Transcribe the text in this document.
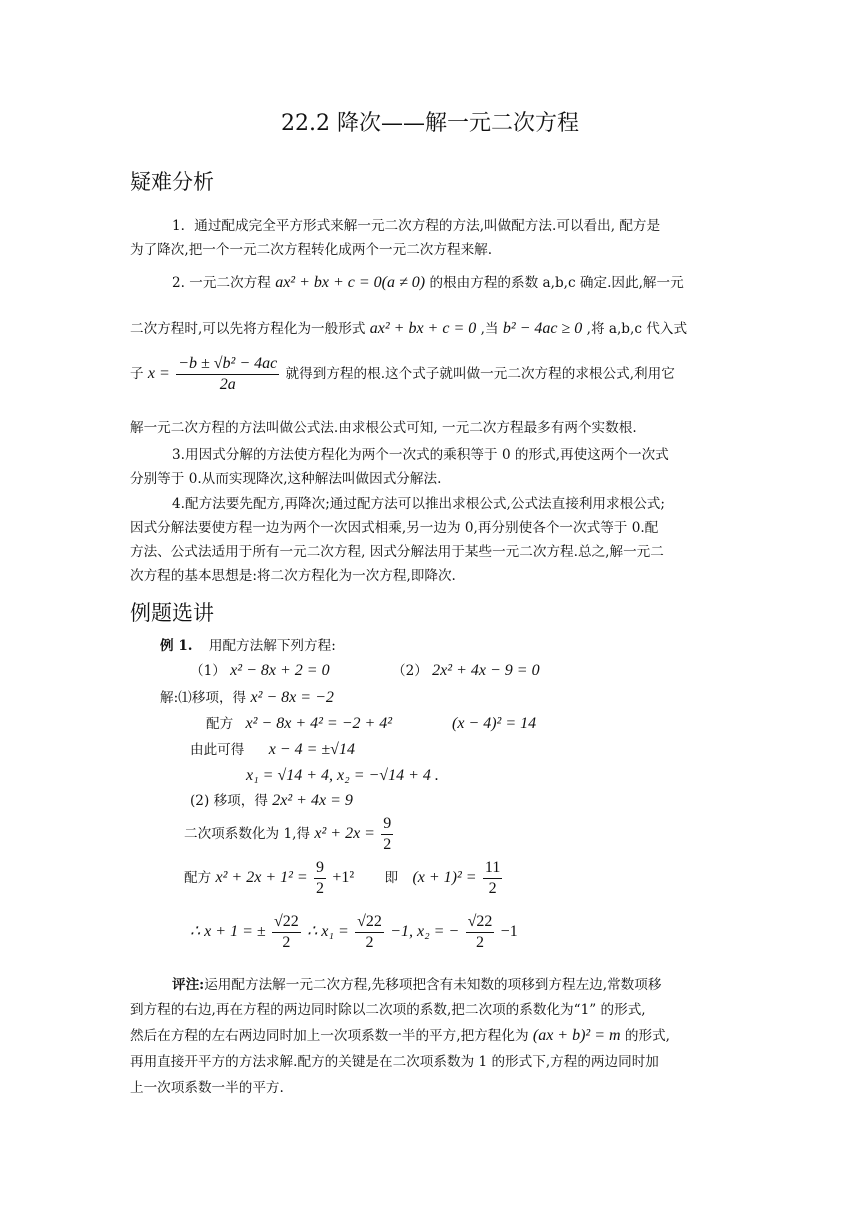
22.2 降次——解一元二次方程
疑难分析
1．通过配成完全平方形式来解一元二次方程的方法,叫做配方法.可以看出, 配方是
为了降次,把一个一元二次方程转化成两个一元二次方程来解.
2. 一元二次方程 ax² + bx + c = 0(a ≠ 0) 的根由方程的系数 a,b,c 确定.因此,解一元
二次方程时,可以先将方程化为一般形式 ax² + bx + c = 0 ,当 b² − 4ac ≥ 0 ,将 a,b,c 代入式
子 $x = \frac{\text{−b ± √b² − 4ac}}{2a}$ 就得到方程的根.这个式子就叫做一元二次方程的求根公式,利用它
解一元二次方程的方法叫做公式法.由求根公式可知, 一元二次方程最多有两个实数根.
3.用因式分解的方法使方程化为两个一次式的乘积等于 0 的形式,再使这两个一次式
分别等于 0.从而实现降次,这种解法叫做因式分解法.
4.配方法要先配方,再降次;通过配方法可以推出求根公式,公式法直接利用求根公式;
因式分解法要使方程一边为两个一次因式相乘,另一边为 0,再分别使各个一次式等于 0.配
方法、公式法适用于所有一元二次方程, 因式分解法用于某些一元二次方程.总之,解一元二
次方程的基本思想是:将二次方程化为一次方程,即降次.
例题选讲
例 1. 用配方法解下列方程:
（1） x² − 8x + 2 = 0	（2） 2x² + 4x − 9 = 0
解:⑴移项，得 x² − 8x = −2
配方 x² − 8x + 4² = −2 + 4²	(x − 4)² = 14
由此可得 x − 4 = ±√14
x₁ = √14 + 4, x₂ = −√14 + 4 .
(2) 移项，得 2x² + 4x = 9
二次项系数化为 1,得 $x^2 + 2x = \frac{9}{2}$
配方 $x^2 + 2x + 1^2 = \frac{9}{2} +1^2$ 即 $(x + 1)^2 = \frac{11}{2}$
∴ x + 1 = ± $\frac{√22}{2}$ ∴ $x_1 = \frac{√22}{2} -1$, x₂ = − $\frac{√22}{2} -1$
评注:运用配方法解一元二次方程,先移项把含有未知数的项移到方程左边,常数项移
到方程的右边,再在方程的两边同时除以二次项的系数,把二次项的系数化为“1” 的形式,
然后在方程的左右两边同时加上一次项系数一半的平方,把方程化为 (ax + b)² = m 的形式,
再用直接开平方的方法求解.配方的关键是在二次项系数为 1 的形式下,方程的两边同时加
上一次项系数一半的平方.
